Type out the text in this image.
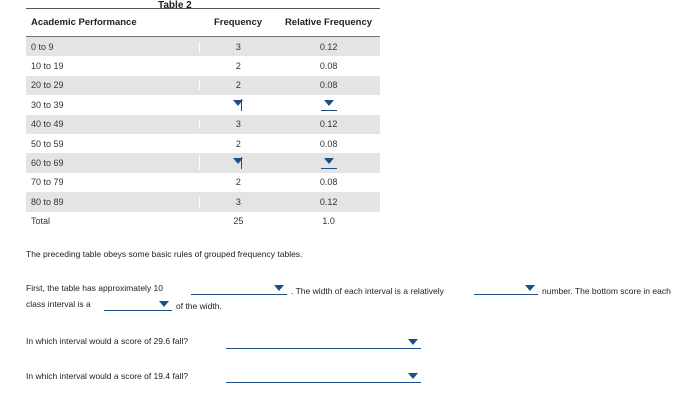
Table 2
Academic Performance	Frequency	Relative Frequency
0 to 9	3	0.12
10 to 19	2	0.08
20 to 29	2	0.08
30 to 39
40 to 49	3	0.12
50 to 59	2	0.08
60 to 69
70 to 79	2	0.08
80 to 89	3	0.12
Total	25	1.0
The preceding table obeys some basic rules of grouped frequency tables.
First, the table has approximately 10	. The width of each interval is a relatively	number. The bottom score in each
class interval is a	of the width.
In which interval would a score of 29.6 fall?
In which interval would a score of 19.4 fall?
